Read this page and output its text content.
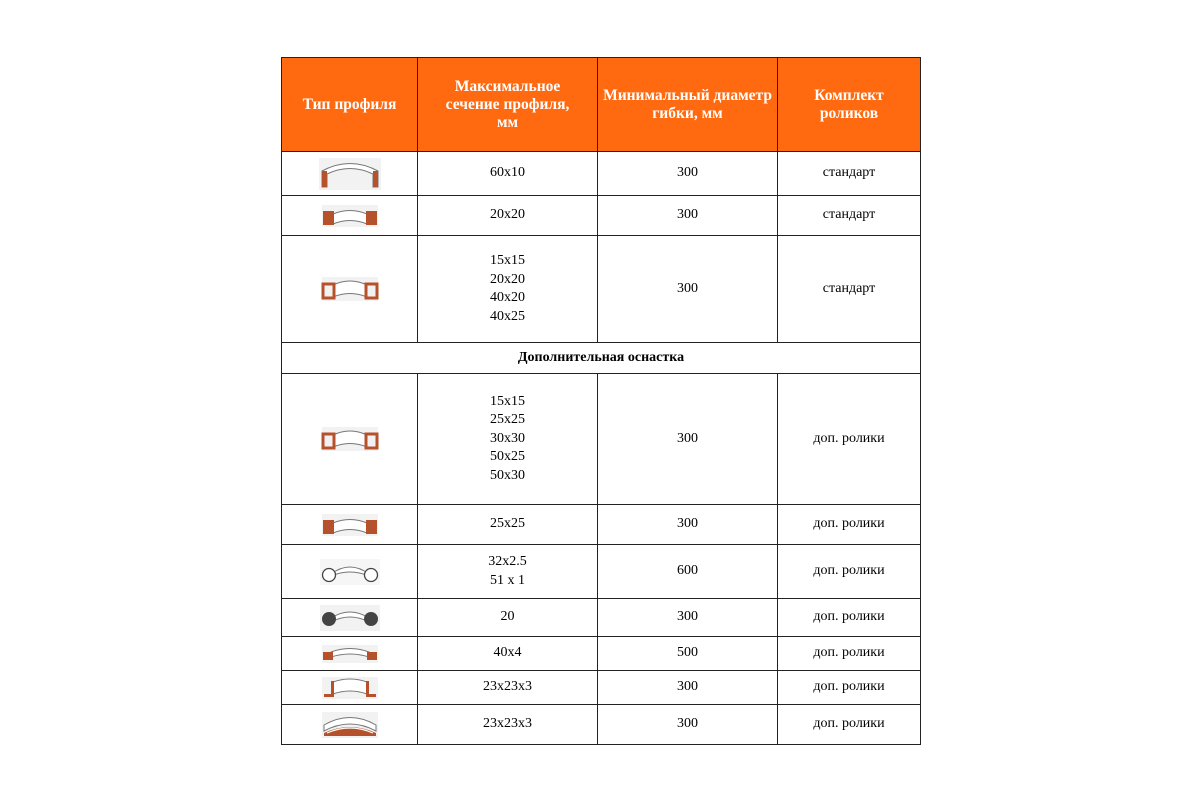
Тип профиля	Максимальное сечение профиля, мм	Минимальный диаметр гибки, мм	Комплект роликов

60x10	300	стандарт

20x20	300	стандарт

15x15
20x20
40x20
40x25	300	стандарт
Дополнительная оснастка			

15x15
25x25
30x30
50x25
50x30	300	доп. ролики

25x25	300	доп. ролики

32x2.5
51 x 1	600	доп. ролики

20	300	доп. ролики

40x4	500	доп. ролики

23x23x3	300	доп. ролики

23x23x3	300	доп. ролики
